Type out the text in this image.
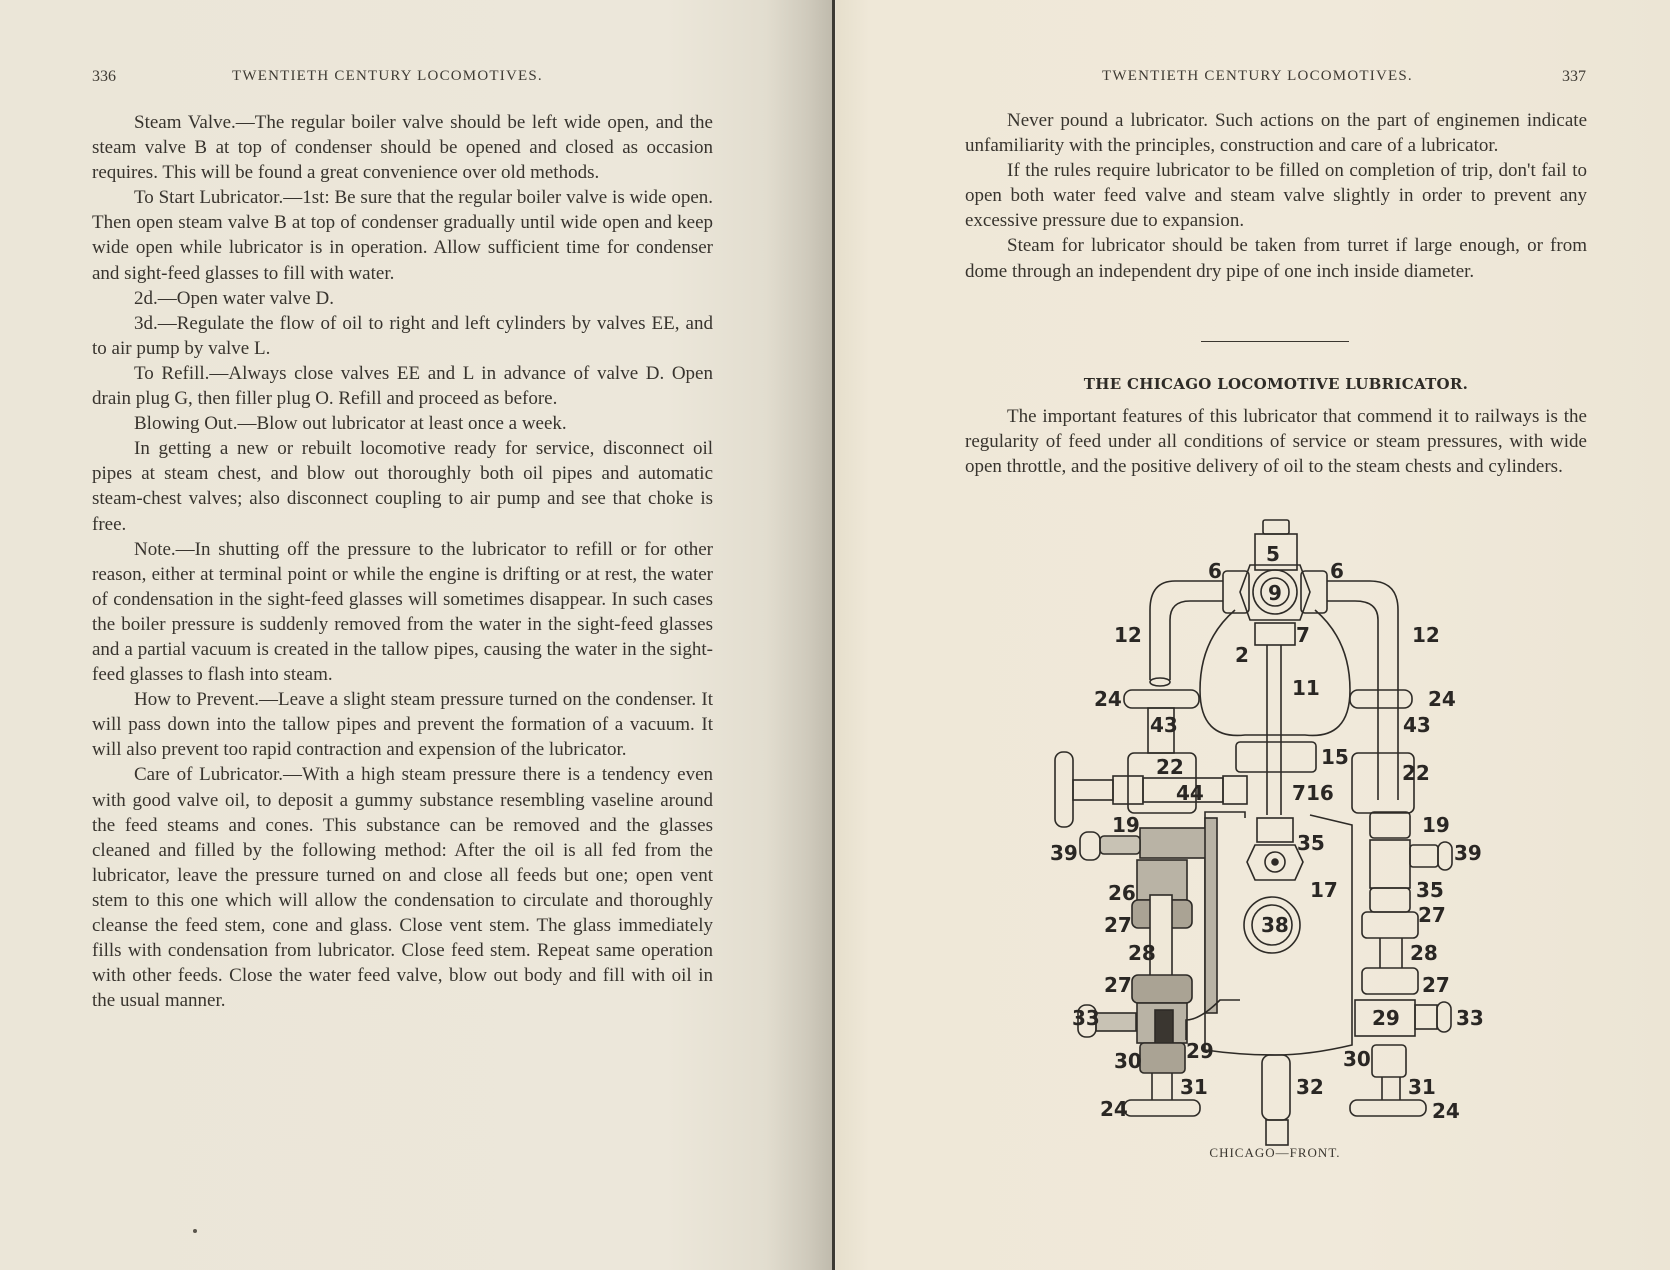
336	TWENTIETH CENTURY LOCOMOTIVES.

Steam Valve.—The regular boiler valve should be left wide open, and the steam valve B at top of condenser should be opened and closed as occasion requires. This will be found a great convenience over old methods.

To Start Lubricator.—1st: Be sure that the regular boiler valve is wide open. Then open steam valve B at top of condenser gradually until wide open and keep wide open while lubricator is in operation. Allow sufficient time for condenser and sight-feed glasses to fill with water.

2d.—Open water valve D.

3d.—Regulate the flow of oil to right and left cylinders by valves EE, and to air pump by valve L.

To Refill.—Always close valves EE and L in advance of valve D. Open drain plug G, then filler plug O. Refill and proceed as before.

Blowing Out.—Blow out lubricator at least once a week.

In getting a new or rebuilt locomotive ready for service, disconnect oil pipes at steam chest, and blow out thoroughly both oil pipes and automatic steam-chest valves; also disconnect coupling to air pump and see that choke is free.

Note.—In shutting off the pressure to the lubricator to refill or for other reason, either at terminal point or while the engine is drifting or at rest, the water of condensation in the sight-feed glasses will sometimes disappear. In such cases the boiler pressure is suddenly removed from the water in the sight-feed glasses and a partial vacuum is created in the tallow pipes, causing the water in the sight-feed glasses to flash into steam.

How to Prevent.—Leave a slight steam pressure turned on the condenser. It will pass down into the tallow pipes and prevent the formation of a vacuum. It will also prevent too rapid contraction and expension of the lubricator.

Care of Lubricator.—With a high steam pressure there is a tendency even with good valve oil, to deposit a gummy substance resembling vaseline around the feed steams and cones. This substance can be removed and the glasses cleaned and filled by the following method: After the oil is all fed from the lubricator, leave the pressure turned on and close all feeds but one; open vent stem to this one which will allow the condensation to circulate and thoroughly cleanse the feed stem, cone and glass. Close vent stem. The glass immediately fills with condensation from lubricator. Close feed stem. Repeat same operation with other feeds. Close the water feed valve, blow out body and fill with oil in the usual manner.

TWENTIETH CENTURY LOCOMOTIVES.	337

Never pound a lubricator. Such actions on the part of enginemen indicate unfamiliarity with the principles, construction and care of a lubricator.

If the rules require lubricator to be filled on completion of trip, don't fail to open both water feed valve and steam valve slightly in order to prevent any excessive pressure due to expansion.

Steam for lubricator should be taken from turret if large enough, or from dome through an independent dry pipe of one inch inside diameter.

THE CHICAGO LOCOMOTIVE LUBRICATOR.

The important features of this lubricator that commend it to railways is the regularity of feed under all conditions of service or steam pressures, with wide open throttle, and the positive delivery of oil to the steam chests and cylinders.

5
6	6
9
12	12
2
7
11
24	24
43	43
22	22
15
44	7 16
19	19
39	39
35
35
17
26
27	27
38
28	28
27	27
33	33
29
29
30	30
31	31
32
24	24
CHICAGO—FRONT.
